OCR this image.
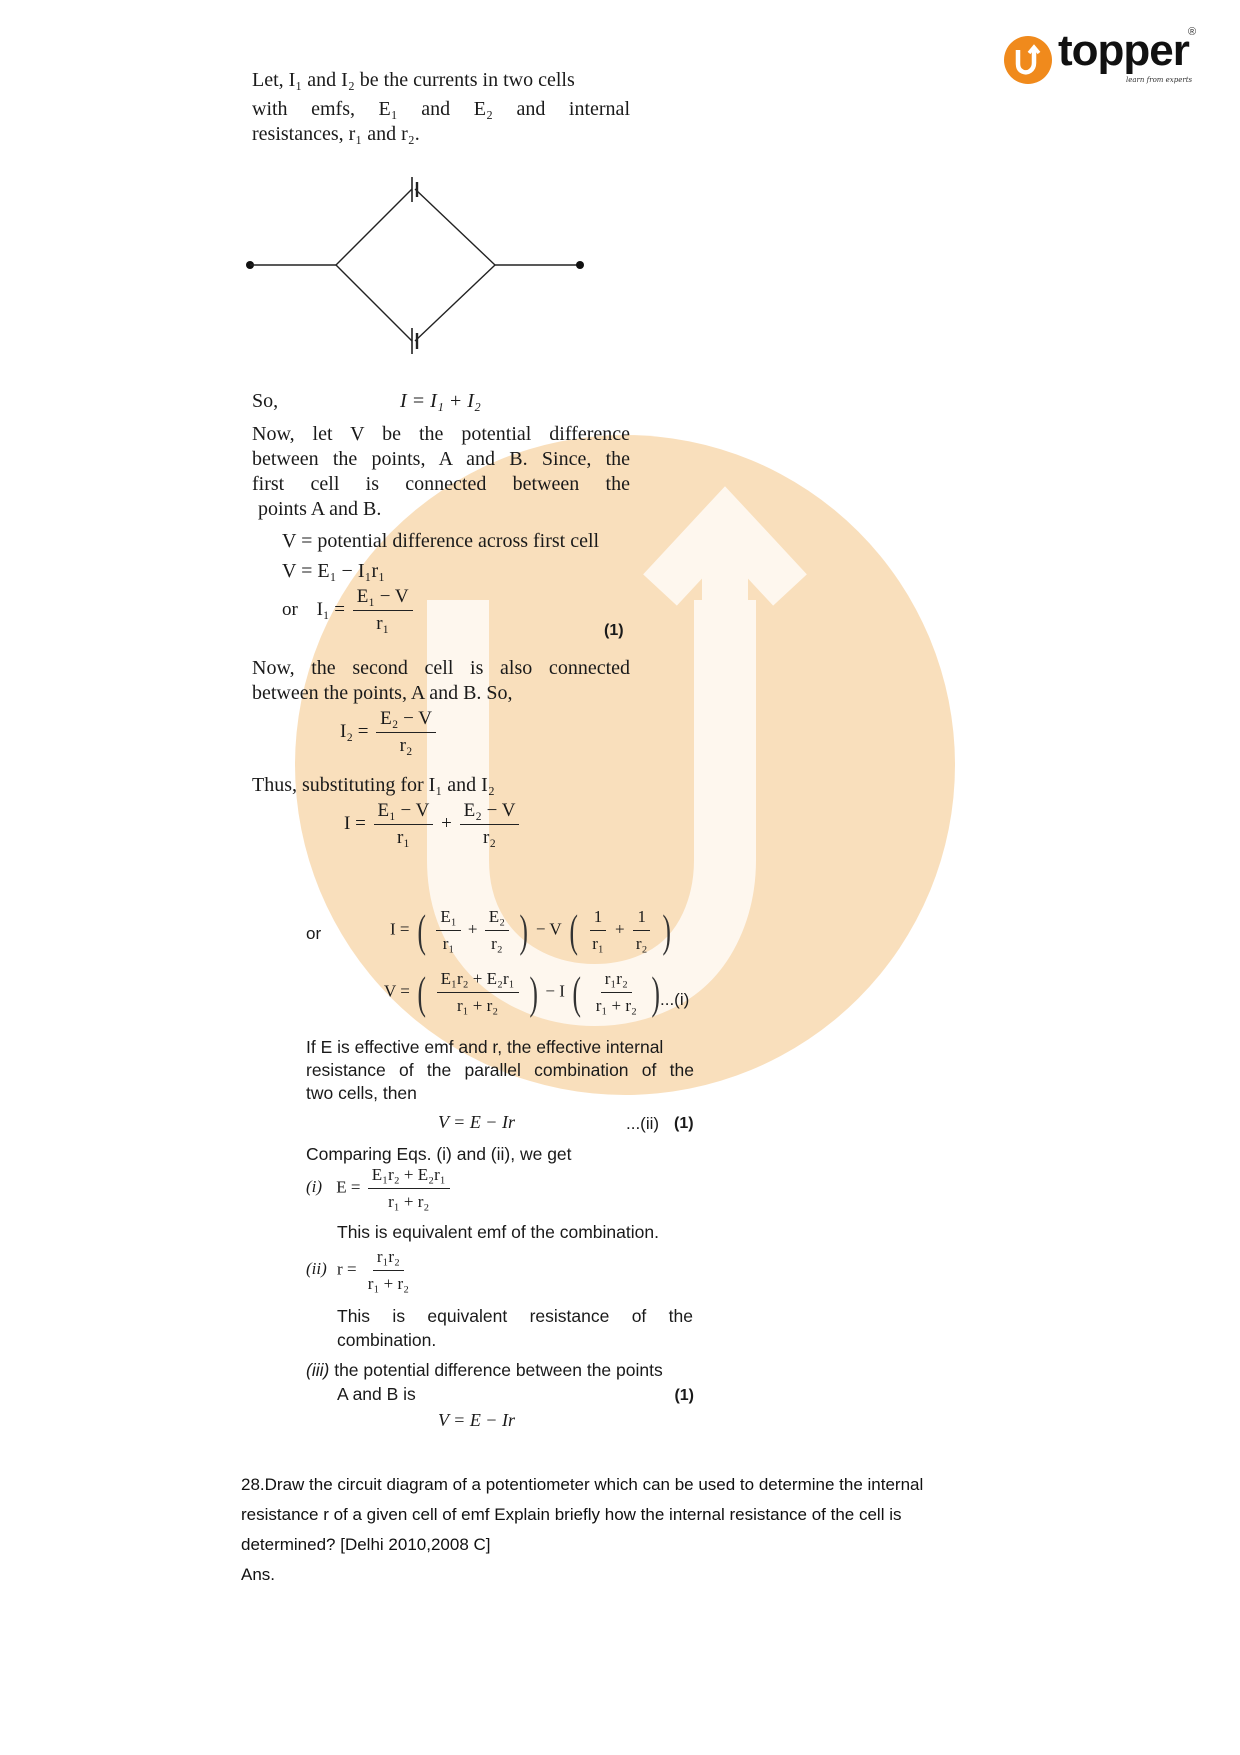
topper ®
learn from experts
Let, I₁ and I₂ be the currents in two cells
with emfs, E₁ and E₂ and internal
resistances, r₁ and r₂.
So,	I = I₁ + I₂
Now, let V be the potential difference
between the points, A and B. Since, the
first cell is connected between the
points A and B.
V = potential difference across first cell
V = E₁ − I₁r₁
or $I_1 = \frac{\text{E₁ − V}}{\text{r₁}}$	(1)
Now, the second cell is also connected
between the points, A and B. So,
$I_2 = \frac{\text{E₂ − V}}{\text{r₂}}$
Thus, substituting for I₁ and I₂
$I = \frac{\text{E₁ − V}}{\text{r₁}} + \frac{\text{E₂ − V}}{\text{r₂}}$
or	I = ( $\frac{\text{E₁}}{\text{r₁}} + \frac{\text{E₂}}{\text{r₂}}$ ) − V ( $\frac{1}{\text{r₁}} + \frac{1}{\text{r₂}}$ )
V = ( $\frac{\text{E₁r₂ + E₂r₁}}{\text{r₁ + r₂}}$ ) − I ( $\frac{\text{r₁r₂}}{\text{r₁ + r₂}}$ ) ...(i)
If E is effective emf and r, the effective internal
resistance of the parallel combination of the
two cells, then
V = E − Ir	...(ii) (1)
Comparing Eqs. (i) and (ii), we get
(i) $E = \frac{\text{E₁r₂ + E₂r₁}}{\text{r₁ + r₂}}$
This is equivalent emf of the combination.
(ii) $r = \frac{\text{r₁r₂}}{\text{r₁ + r₂}}$
This is equivalent resistance of the
combination.
(iii) the potential difference between the points
A and B is	(1)
V = E − Ir
28.Draw the circuit diagram of a potentiometer which can be used to determine the internal
resistance r of a given cell of emf Explain briefly how the internal resistance of the cell is
determined? [Delhi 2010,2008 C]
Ans.
